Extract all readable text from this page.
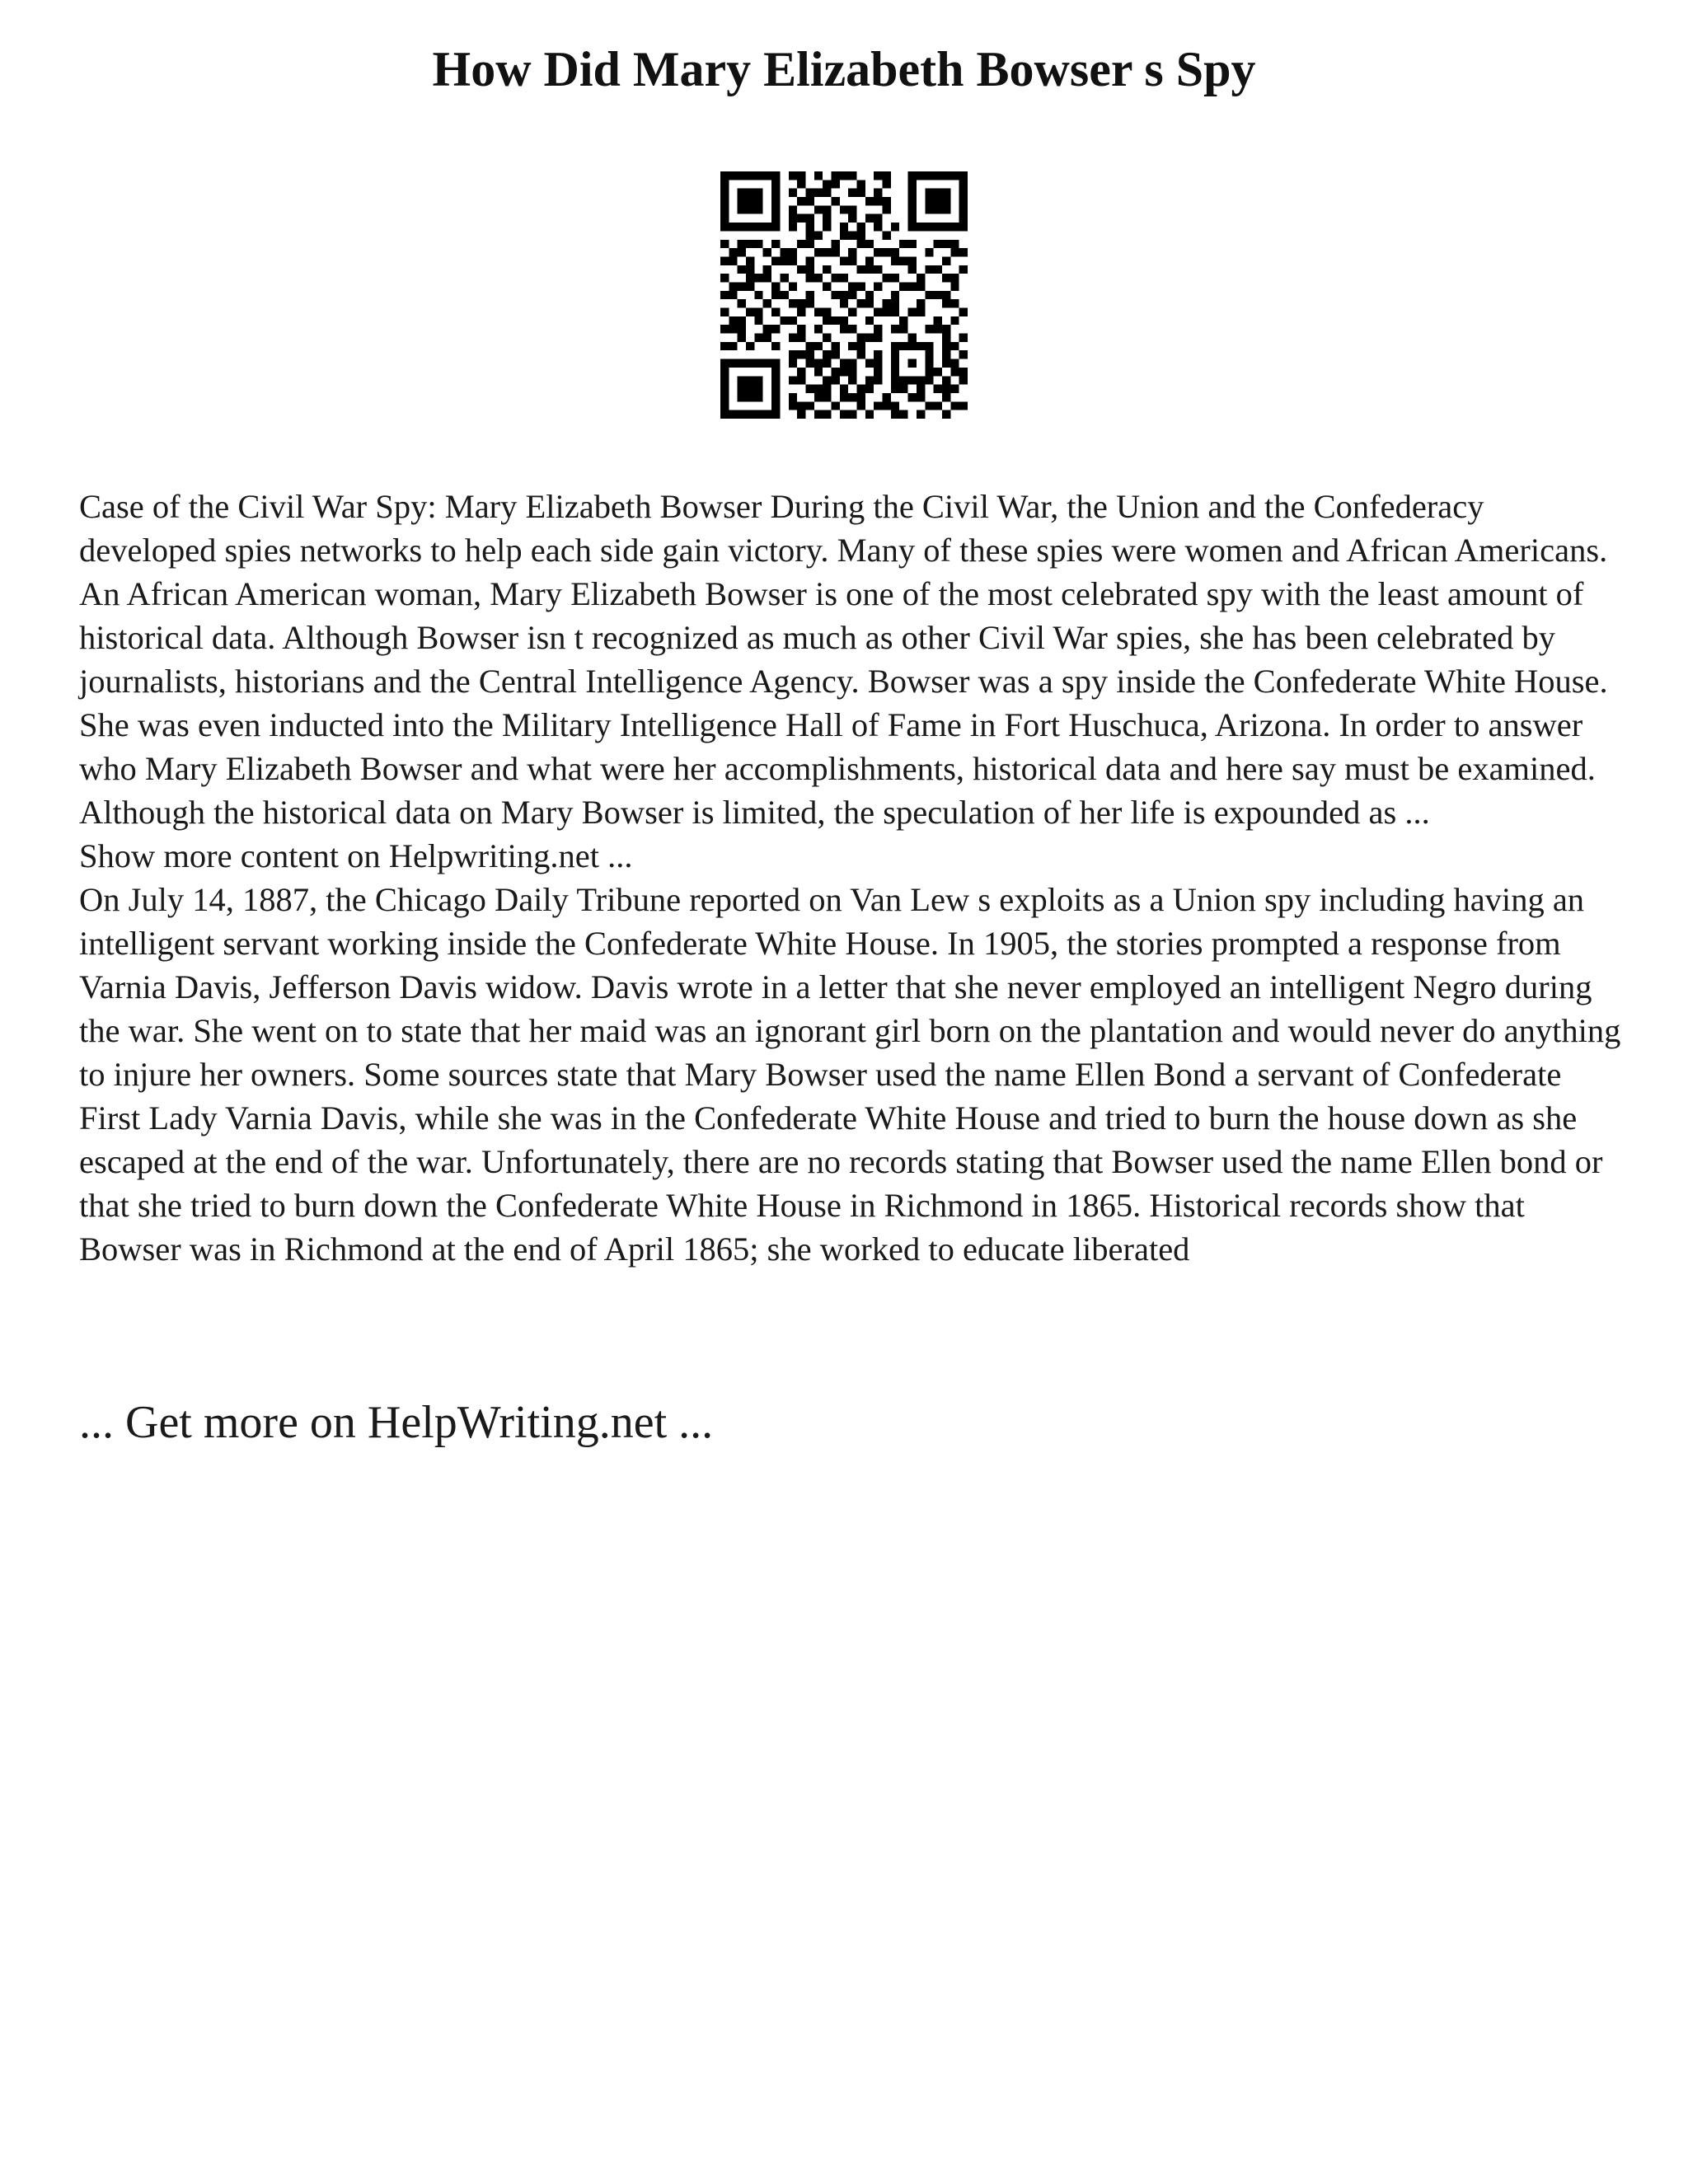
How Did Mary Elizabeth Bowser s Spy

Case of the Civil War Spy: Mary Elizabeth Bowser During the Civil War, the Union and the Confederacy developed spies networks to help each side gain victory. Many of these spies were women and African Americans. An African American woman, Mary Elizabeth Bowser is one of the most celebrated spy with the least amount of historical data. Although Bowser isn t recognized as much as other Civil War spies, she has been celebrated by journalists, historians and the Central Intelligence Agency. Bowser was a spy inside the Confederate White House. She was even inducted into the Military Intelligence Hall of Fame in Fort Huschuca, Arizona. In order to answer who Mary Elizabeth Bowser and what were her accomplishments, historical data and here say must be examined. Although the historical data on Mary Bowser is limited, the speculation of her life is expounded as ...

Show more content on Helpwriting.net ...

On July 14, 1887, the Chicago Daily Tribune reported on Van Lew s exploits as a Union spy including having an intelligent servant working inside the Confederate White House. In 1905, the stories prompted a response from Varnia Davis, Jefferson Davis widow. Davis wrote in a letter that she never employed an intelligent Negro during the war. She went on to state that her maid was an ignorant girl born on the plantation and would never do anything to injure her owners. Some sources state that Mary Bowser used the name Ellen Bond a servant of Confederate First Lady Varnia Davis, while she was in the Confederate White House and tried to burn the house down as she escaped at the end of the war. Unfortunately, there are no records stating that Bowser used the name Ellen bond or that she tried to burn down the Confederate White House in Richmond in 1865. Historical records show that Bowser was in Richmond at the end of April 1865; she worked to educate liberated

... Get more on HelpWriting.net ...
